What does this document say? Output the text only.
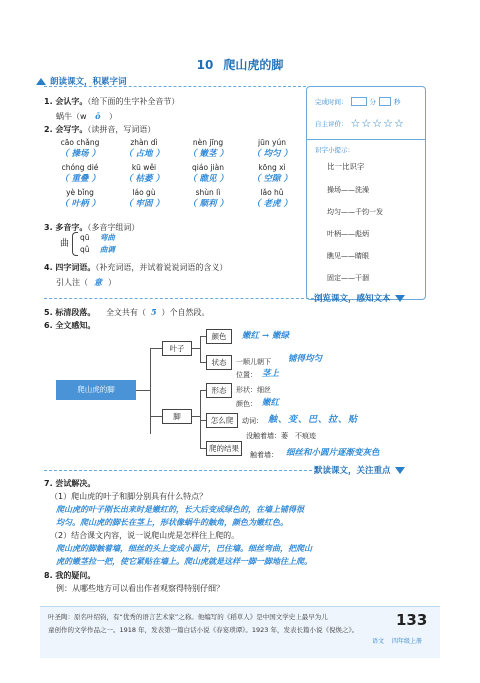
10 爬山虎的脚
朗读课文，积累字词
1. 会认字。（给下面的生字补全音节）
蜗牛（w ō ）
2. 会写字。（读拼音，写词语）
cāo chǎng	zhàn dì	nèn jīng	jūn yún
（ 操场 ）	（ 占地 ）	（ 嫩茎 ）	（ 均匀 ）
chóng dié	kū wěi	qiáo jiàn	kōng xì
（ 重叠 ）	（ 枯萎 ）	（ 瞧见 ）	（ 空隙 ）
yè bǐng	láo gù	shùn lì	lǎo hǔ
（ 叶柄 ）	（ 牢固 ）	（ 顺利 ）	（ 老虎 ）
3. 多音字。（多音字组词）
曲
qū 弯曲
qǔ 曲调
4. 四字词语。（补充词语，并试着说说词语的含义）
引人注（ 意 ）
完成时间：	分	秒
自主评价： ☆☆☆☆☆
识字小提示：
比一比识字
操场——洗澡
均匀——千钧一发
叶柄——彪炳
瞧见——睛眼
固定——干涸
浏览课文，感知文本
5. 标清段落。 全文共有（ 5 ）个自然段。
6. 全文感知。
爬山虎的脚
叶子
颜色	嫩红 → 嫩绿
状态	一顺儿朝下 铺得均匀
脚
位置： 茎上
形态	形状：细丝
颜色： 嫩红
怎么爬	动词： 触、变、巴、拉、贴
爬的结果
没触着墙：萎　不痕迹
触着墙： 细丝和小圆片逐渐变灰色
默读课文，关注重点
7. 尝试解决。
（1）爬山虎的叶子和脚分别具有什么特点？
爬山虎的叶子刚长出来时是嫩红的，长大后变成绿色的，在墙上铺得很
均匀。爬山虎的脚长在茎上，形状像蜗牛的触角，颜色为嫩红色。
（2）结合课文内容，说一说爬山虎是怎样往上爬的。
爬山虎的脚触着墙，细丝的头上变成小圆片，巴住墙。细丝弯曲，把爬山
虎的嫩茎拉一把，使它紧贴在墙上。爬山虎就是这样一脚一脚地往上爬。
8. 我的疑问。
例：从哪些地方可以看出作者观察得特别仔细？
叶圣陶：原名叶绍钧，有“优秀的语言艺术家”之称。他编写的《稻草人》是中国文学史上最早为儿
童创作的文学作品之一。1918 年，发表第一篇白话小说《春宴琐谭》。1923 年，发表长篇小说《倪焕之》。
133
语文 四年级上册
